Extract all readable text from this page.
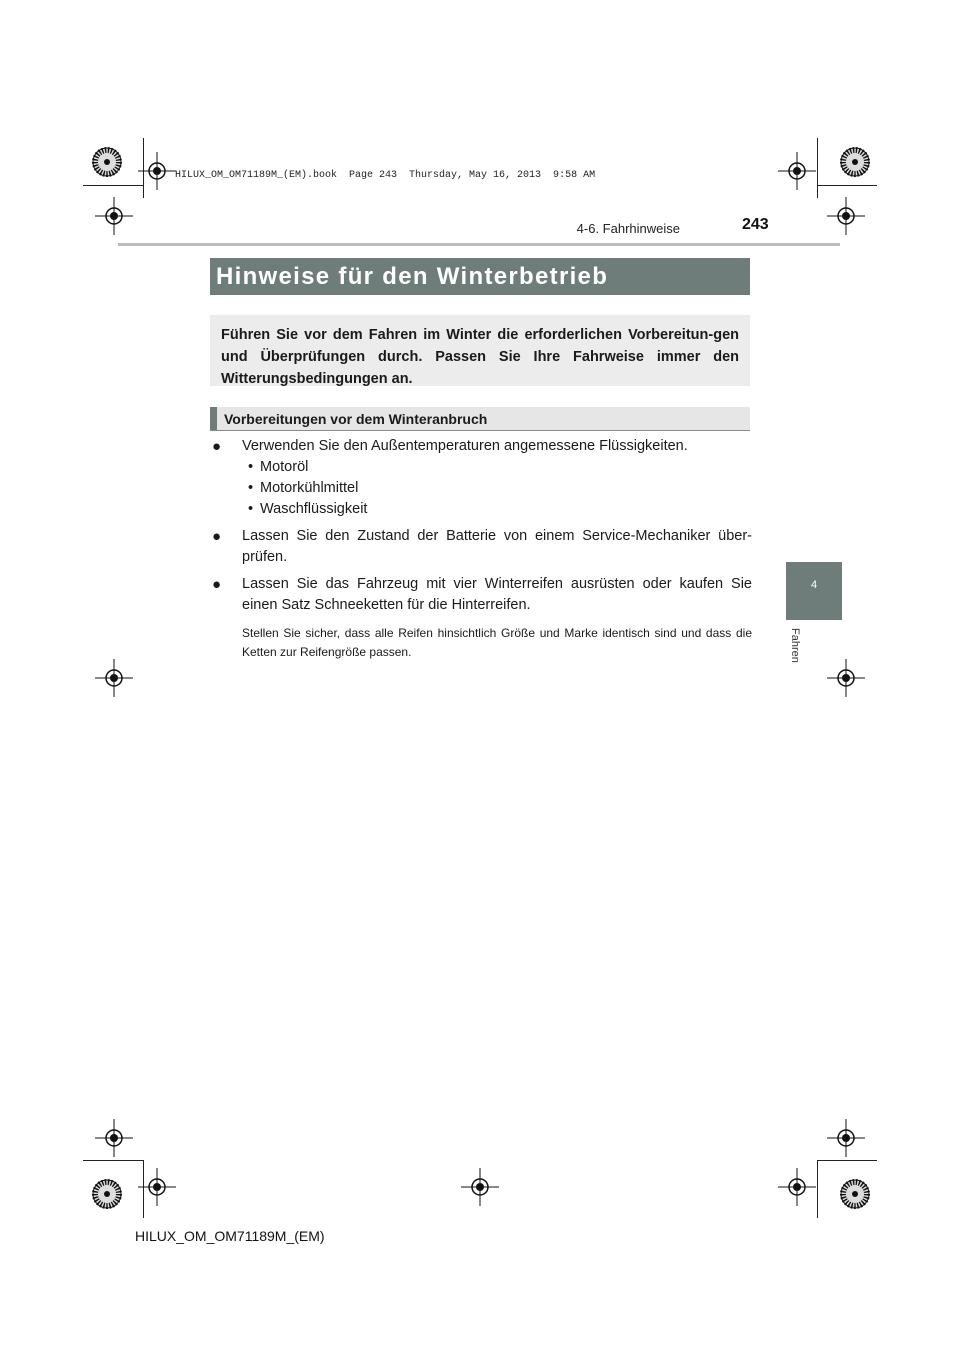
HILUX_OM_OM71189M_(EM).book  Page 243  Thursday, May 16, 2013  9:58 AM
4-6. Fahrhinweise	243
4
Fahren
Hinweise für den Winterbetrieb

Führen Sie vor dem Fahren im Winter die erforderlichen Vorbereitun-gen und Überprüfungen durch. Passen Sie Ihre Fahrweise immer den Witterungsbedingungen an.

Vorbereitungen vor dem Winteranbruch
● Verwenden Sie den Außentemperaturen angemessene Flüssigkeiten.
• Motoröl
• Motorkühlmittel
• Waschflüssigkeit
● Lassen Sie den Zustand der Batterie von einem Service-Mechaniker über-prüfen.
● Lassen Sie das Fahrzeug mit vier Winterreifen ausrüsten oder kaufen Sie einen Satz Schneeketten für die Hinterreifen.
Stellen Sie sicher, dass alle Reifen hinsichtlich Größe und Marke identisch sind und dass die Ketten zur Reifengröße passen.
HILUX_OM_OM71189M_(EM)
